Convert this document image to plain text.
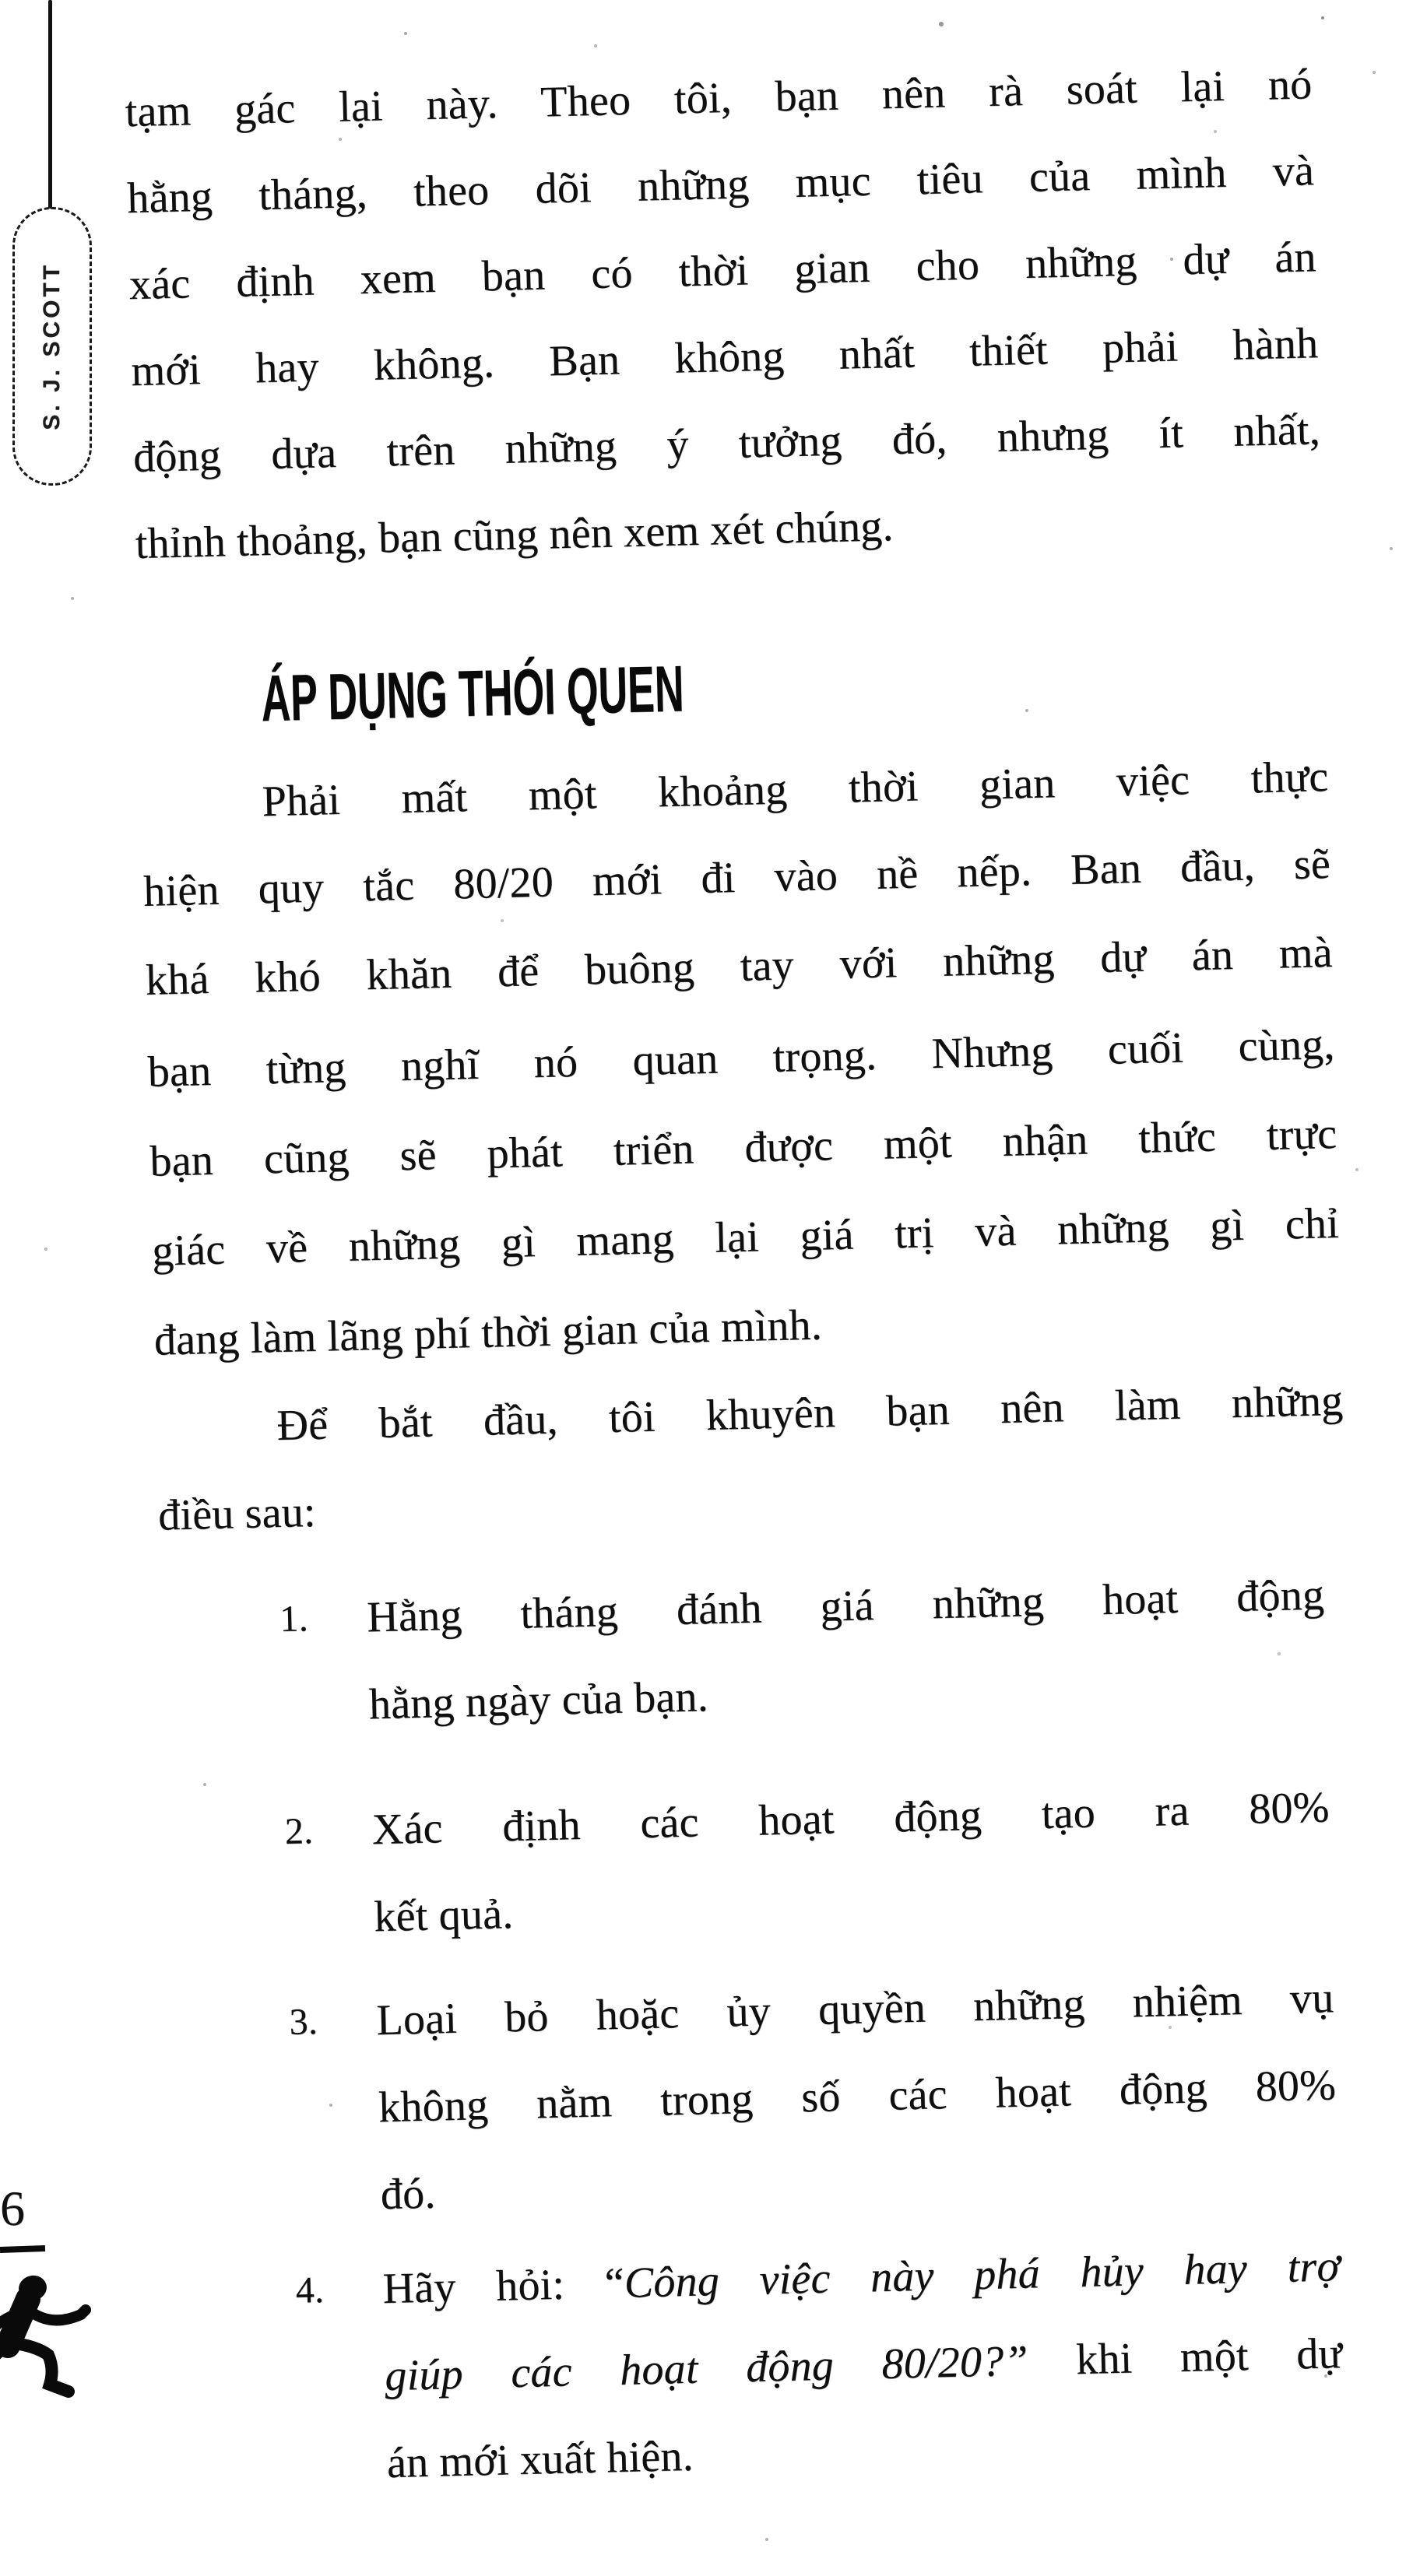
S. J. SCOTT
6
tạm gác lại này. Theo tôi, bạn nên rà soát lại nó
hằng tháng, theo dõi những mục tiêu của mình và
xác định xem bạn có thời gian cho những dự án
mới hay không. Bạn không nhất thiết phải hành
động dựa trên những ý tưởng đó, nhưng ít nhất,
thỉnh thoảng, bạn cũng nên xem xét chúng.
ÁP DỤNG THÓI QUEN
Phải mất một khoảng thời gian việc thực
hiện quy tắc 80/20 mới đi vào nề nếp. Ban đầu, sẽ
khá khó khăn để buông tay với những dự án mà
bạn từng nghĩ nó quan trọng. Nhưng cuối cùng,
bạn cũng sẽ phát triển được một nhận thức trực
giác về những gì mang lại giá trị và những gì chỉ
đang làm lãng phí thời gian của mình.
Để bắt đầu, tôi khuyên bạn nên làm những
điều sau:
1.	Hằng tháng đánh giá những hoạt động
hằng ngày của bạn.
2.	Xác định các hoạt động tạo ra 80%
kết quả.
3.	Loại bỏ hoặc ủy quyền những nhiệm vụ
không nằm trong số các hoạt động 80%
đó.
4.	Hãy hỏi: “Công việc này phá hủy hay trợ
giúp các hoạt động 80/20?” khi một dự
án mới xuất hiện.
